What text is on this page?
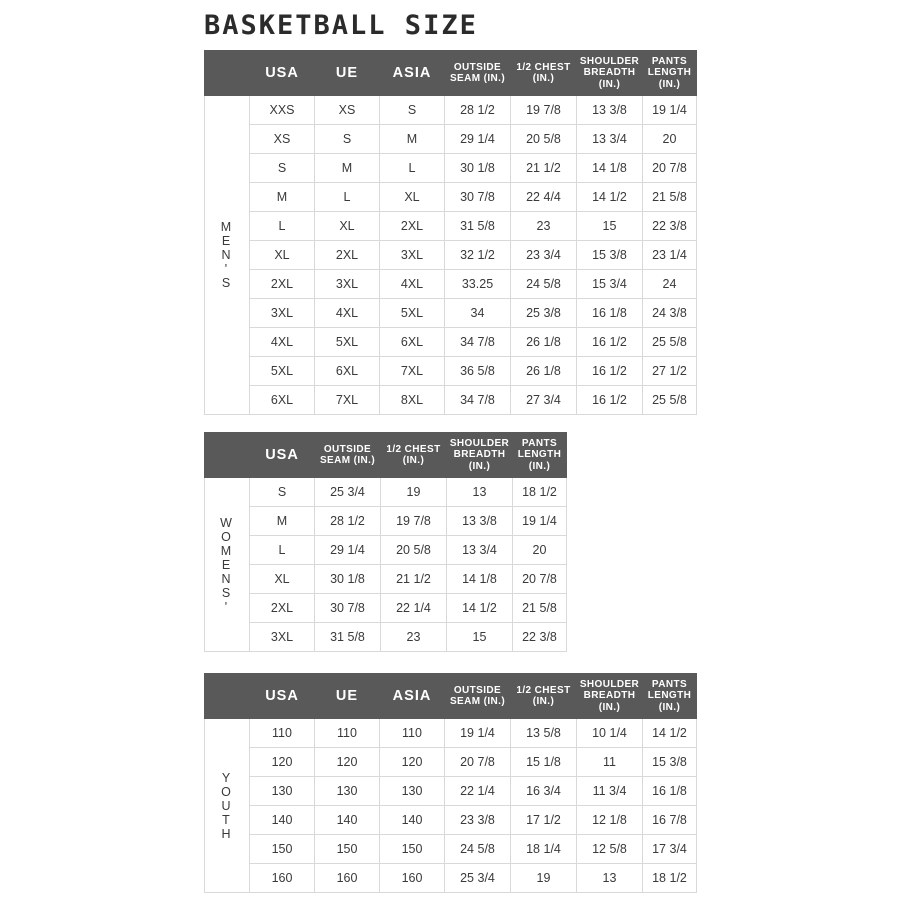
BASKETBALL SIZE
	USA	UE	ASIA	OUTSIDE SEAM (IN.)	1/2 CHEST (IN.)	SHOULDER BREADTH (IN.)	PANTS LENGTH (IN.)

M
E
N
'
S	XXS	XS	S	28 1/2	19 7/8	13 3/8	19 1/4
	XS	S	M	29 1/4	20 5/8	13 3/4	20
	S	M	L	30 1/8	21 1/2	14 1/8	20 7/8
	M	L	XL	30 7/8	22 4/4	14 1/2	21 5/8
	L	XL	2XL	31 5/8	23	15	22 3/8
	XL	2XL	3XL	32 1/2	23 3/4	15 3/8	23 1/4
	2XL	3XL	4XL	33.25	24 5/8	15 3/4	24
	3XL	4XL	5XL	34	25 3/8	16 1/8	24 3/8
	4XL	5XL	6XL	34 7/8	26 1/8	16 1/2	25 5/8
	5XL	6XL	7XL	36 5/8	26 1/8	16 1/2	27 1/2
	6XL	7XL	8XL	34 7/8	27 3/4	16 1/2	25 5/8
	USA	OUTSIDE SEAM (IN.)	1/2 CHEST (IN.)	SHOULDER BREADTH (IN.)	PANTS LENGTH (IN.)

W
O
M
E
N
S
'
	S	25 3/4	19	13	18 1/2
	M	28 1/2	19 7/8	13 3/8	19 1/4
	L	29 1/4	20 5/8	13 3/4	20
	XL	30 1/8	21 1/2	14 1/8	20 7/8
	2XL	30 7/8	22 1/4	14 1/2	21 5/8
	3XL	31 5/8	23	15	22 3/8
	USA	UE	ASIA	OUTSIDE SEAM (IN.)	1/2 CHEST (IN.)	SHOULDER BREADTH (IN.)	PANTS LENGTH (IN.)

Y
O
U
T
H	110	110	110	19 1/4	13 5/8	10 1/4	14 1/2
	120	120	120	20 7/8	15 1/8	11	15 3/8
	130	130	130	22 1/4	16 3/4	11 3/4	16 1/8
	140	140	140	23 3/8	17 1/2	12 1/8	16 7/8
	150	150	150	24 5/8	18 1/4	12 5/8	17 3/4
	160	160	160	25 3/4	19	13	18 1/2
